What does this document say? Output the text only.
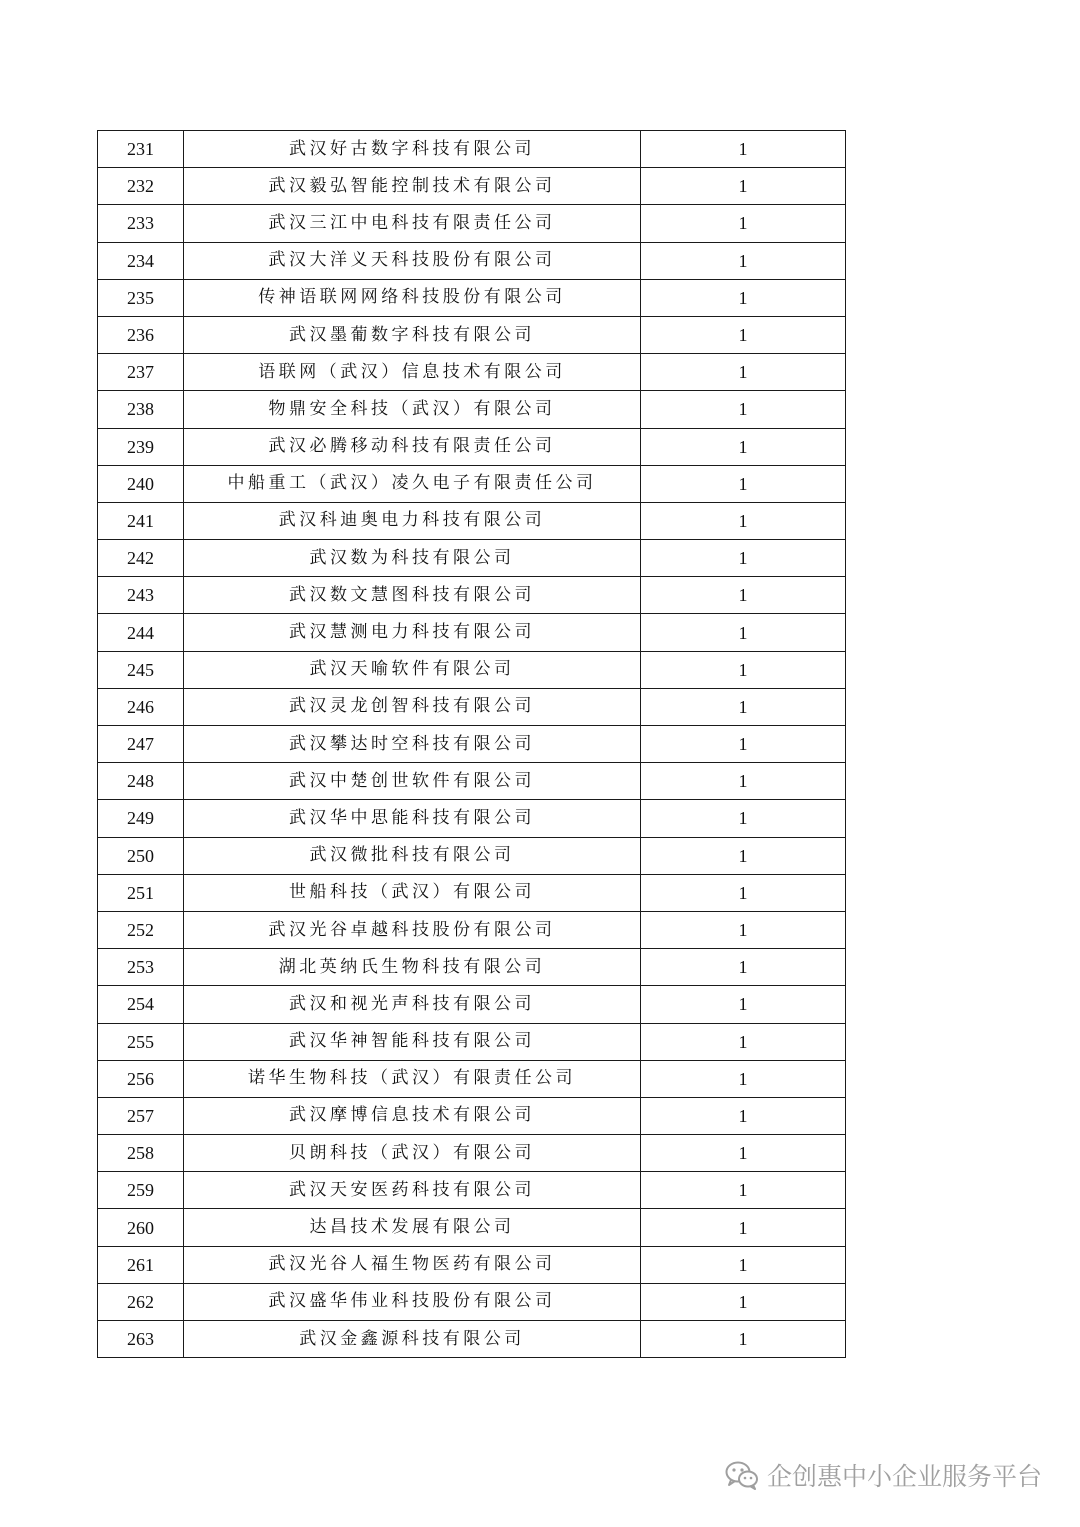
231	武汉好古数字科技有限公司	1
232	武汉毅弘智能控制技术有限公司	1
233	武汉三江中电科技有限责任公司	1
234	武汉大洋义天科技股份有限公司	1
235	传神语联网网络科技股份有限公司	1
236	武汉墨葡数字科技有限公司	1
237	语联网（武汉）信息技术有限公司	1
238	物鼎安全科技（武汉）有限公司	1
239	武汉必腾移动科技有限责任公司	1
240	中船重工（武汉）凌久电子有限责任公司	1
241	武汉科迪奥电力科技有限公司	1
242	武汉数为科技有限公司	1
243	武汉数文慧图科技有限公司	1
244	武汉慧测电力科技有限公司	1
245	武汉天喻软件有限公司	1
246	武汉灵龙创智科技有限公司	1
247	武汉攀达时空科技有限公司	1
248	武汉中楚创世软件有限公司	1
249	武汉华中思能科技有限公司	1
250	武汉微批科技有限公司	1
251	世船科技（武汉）有限公司	1
252	武汉光谷卓越科技股份有限公司	1
253	湖北英纳氏生物科技有限公司	1
254	武汉和视光声科技有限公司	1
255	武汉华神智能科技有限公司	1
256	诺华生物科技（武汉）有限责任公司	1
257	武汉摩博信息技术有限公司	1
258	贝朗科技（武汉）有限公司	1
259	武汉天安医药科技有限公司	1
260	达昌技术发展有限公司	1
261	武汉光谷人福生物医药有限公司	1
262	武汉盛华伟业科技股份有限公司	1
263	武汉金鑫源科技有限公司	1
企创惠中小企业服务平台
